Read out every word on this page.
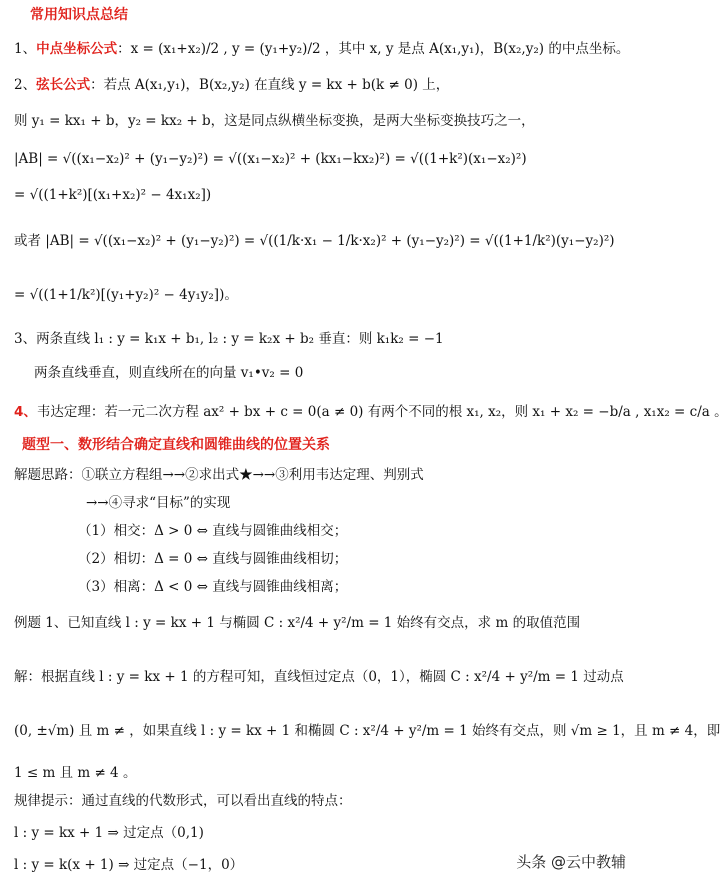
常用知识点总结
1、中点坐标公式：x = (x₁+x₂)/2 , y = (y₁+y₂)/2 ，其中 x, y 是点 A(x₁,y₁)，B(x₂,y₂) 的中点坐标。
2、弦长公式：若点 A(x₁,y₁)，B(x₂,y₂) 在直线 y = kx + b(k ≠ 0) 上，
则 y₁ = kx₁ + b，y₂ = kx₂ + b，这是同点纵横坐标变换，是两大坐标变换技巧之一，
|AB| = √((x₁−x₂)² + (y₁−y₂)²) = √((x₁−x₂)² + (kx₁−kx₂)²) = √((1+k²)(x₁−x₂)²)
= √((1+k²)[(x₁+x₂)² − 4x₁x₂])
或者 |AB| = √((x₁−x₂)² + (y₁−y₂)²) = √((1/k·x₁ − 1/k·x₂)² + (y₁−y₂)²) = √((1+1/k²)(y₁−y₂)²)
= √((1+1/k²)[(y₁+y₂)² − 4y₁y₂])。
3、两条直线 l₁ : y = k₁x + b₁, l₂ : y = k₂x + b₂ 垂直：则 k₁k₂ = −1
两条直线垂直，则直线所在的向量 v₁•v₂ = 0
4、韦达定理：若一元二次方程 ax² + bx + c = 0(a ≠ 0) 有两个不同的根 x₁, x₂，则 x₁ + x₂ = −b/a , x₁x₂ = c/a 。
题型一、数形结合确定直线和圆锥曲线的位置关系
解题思路：①联立方程组→→②求出式★→→③利用韦达定理、判别式
→→④寻求“目标”的实现
（1）相交：Δ > 0 ⇔ 直线与圆锥曲线相交；
（2）相切：Δ = 0 ⇔ 直线与圆锥曲线相切；
（3）相离：Δ < 0 ⇔ 直线与圆锥曲线相离；
例题 1、已知直线 l : y = kx + 1 与椭圆 C : x²/4 + y²/m = 1 始终有交点，求 m 的取值范围
解：根据直线 l : y = kx + 1 的方程可知，直线恒过定点（0，1），椭圆 C : x²/4 + y²/m = 1 过动点
(0, ±√m) 且 m ≠ ，如果直线 l : y = kx + 1 和椭圆 C : x²/4 + y²/m = 1 始终有交点，则 √m ≥ 1，且 m ≠ 4，即
1 ≤ m 且 m ≠ 4 。
规律提示：通过直线的代数形式，可以看出直线的特点：
l : y = kx + 1 ⇒ 过定点（0,1)
l : y = k(x + 1) ⇒ 过定点（−1，0）	头条 @云中教辅
